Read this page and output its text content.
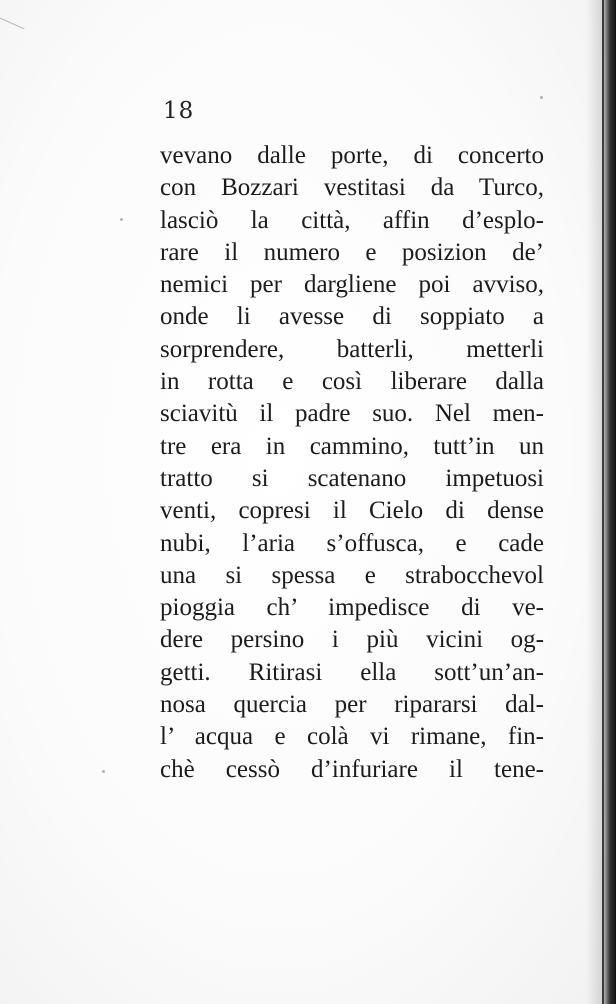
18
vevano dalle porte, di concerto
con Bozzari vestitasi da Turco,
lasciò la città, affin d’esplo-
rare il numero e posizion de’
nemici per dargliene poi avviso,
onde li avesse di soppiato a
sorprendere, batterli, metterli
in rotta e così liberare dalla
sciavitù il padre suo. Nel men-
tre era in cammino, tutt’in un
tratto si scatenano impetuosi
venti, copresi il Cielo di dense
nubi, l’aria s’offusca, e cade
una si spessa e strabocchevol
pioggia ch’ impedisce di ve-
dere persino i più vicini og-
getti. Ritirasi ella sott’un’an-
nosa quercia per ripararsi dal-
l’ acqua e colà vi rimane, fin-
chè cessò d’infuriare il tene-
